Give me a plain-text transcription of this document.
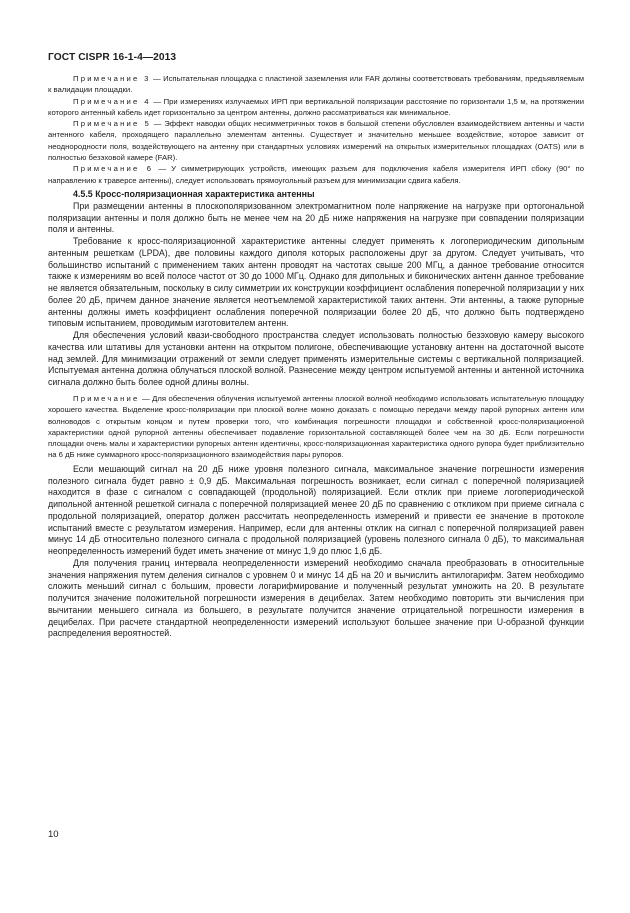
ГОСТ CISPR 16-1-4—2013

Примечание 3 — Испытательная площадка с пластиной заземления или FAR должны соответствовать требованиям, предъявляемым к валидации площадки.

Примечание 4 — При измерениях излучаемых ИРП при вертикальной поляризации расстояние по горизонтали 1,5 м, на протяжении которого антенный кабель идет горизонтально за центром антенны, должно рассматриваться как минимальное.

Примечание 5 — Эффект наводки общих несимметричных токов в большой степени обусловлен взаимодействием антенны и части антенного кабеля, проходящего параллельно элементам антенны. Существует и значительно меньшее воздействие, которое зависит от неоднородности поля, воздействующего на антенну при стандартных условиях измерений на открытых измерительных площадках (OATS) или в полностью безэховой камере (FAR).

Примечание 6 — У симметрирующих устройств, имеющих разъем для подключения кабеля измерителя ИРП сбоку (90° по направлению к траверсе антенны), следует использовать прямоугольный разъем для минимизации сдвига кабеля.

4.5.5 Кросс-поляризационная характеристика антенны

При размещении антенны в плоскополяризованном электромагнитном поле напряжение на нагрузке при ортогональной поляризации антенны и поля должно быть не менее чем на 20 дБ ниже напряжения на нагрузке при совпадении поляризации поля и антенны.

Требование к кросс-поляризационной характеристике антенны следует применять к логопериодическим дипольным антенным решеткам (LPDA), две половины каждого диполя которых расположены друг за другом. Следует учитывать, что большинство испытаний с применением таких антенн проводят на частотах свыше 200 МГц, а данное требование относится также к измерениям во всей полосе частот от 30 до 1000 МГц. Однако для дипольных и биконических антенн данное требование не является обязательным, поскольку в силу симметрии их конструкции коэффициент ослабления поперечной поляризации у них более 20 дБ, причем данное значение является неотъемлемой характеристикой таких антенн. Эти антенны, а также рупорные антенны должны иметь коэффициент ослабления поперечной поляризации более 20 дБ, что должно быть подтверждено типовым испытанием, проводимым изготовителем антенн.

Для обеспечения условий квази-свободного пространства следует использовать полностью безэховую камеру высокого качества или штативы для установки антенн на открытом полигоне, обеспечивающие установку антенн на достаточной высоте над землей. Для минимизации отражений от земли следует применять измерительные системы с вертикальной поляризацией. Испытуемая антенна должна облучаться плоской волной. Разнесение между центром испытуемой антенны и антенной источника сигнала должно быть более одной длины волны.

Примечание — Для обеспечения облучения испытуемой антенны плоской волной необходимо использовать испытательную площадку хорошего качества. Выделение кросс-поляризации при плоской волне можно доказать с помощью передачи между парой рупорных антенн или волноводов с открытым концом и путем проверки того, что комбинация погрешности площадки и собственной кросс-поляризационной характеристики одной рупорной антенны обеспечивает подавление горизонтальной составляющей более чем на 30 дБ. Если погрешности площадки очень малы и характеристики рупорных антенн идентичны, кросс-поляризационная характеристика одного рупора будет приблизительно на 6 дБ ниже суммарного кросс-поляризационного взаимодействия пары рупоров.

Если мешающий сигнал на 20 дБ ниже уровня полезного сигнала, максимальное значение погрешности измерения полезного сигнала будет равно ± 0,9 дБ. Максимальная погрешность возникает, если сигнал с поперечной поляризацией находится в фазе с сигналом с совпадающей (продольной) поляризацией. Если отклик при приеме логопериодической дипольной антенной решеткой сигнала с поперечной поляризацией менее 20 дБ по сравнению с откликом при приеме сигнала с продольной поляризацией, оператор должен рассчитать неопределенность измерений и привести ее значение в протоколе испытаний вместе с результатом измерения. Например, если для антенны отклик на сигнал с поперечной поляризацией равен минус 14 дБ относительно полезного сигнала с продольной поляризацией (уровень полезного сигнала 0 дБ), то максимальная неопределенность измерений будет иметь значение от минус 1,9 до плюс 1,6 дБ.

Для получения границ интервала неопределенности измерений необходимо сначала преобразовать в относительные значения напряжения путем деления сигналов с уровнем 0 и минус 14 дБ на 20 и вычислить антилогарифм. Затем необходимо сложить меньший сигнал с большим, провести логарифмирование и полученный результат умножить на 20. В результате получится значение положительной погрешности измерения в децибелах. Затем необходимо повторить эти вычисления при вычитании меньшего сигнала из большего, в результате получится значение отрицательной погрешности измерения в децибелах. При расчете стандартной неопределенности измерений используют большее значение при U-образной функции распределения вероятностей.

10
